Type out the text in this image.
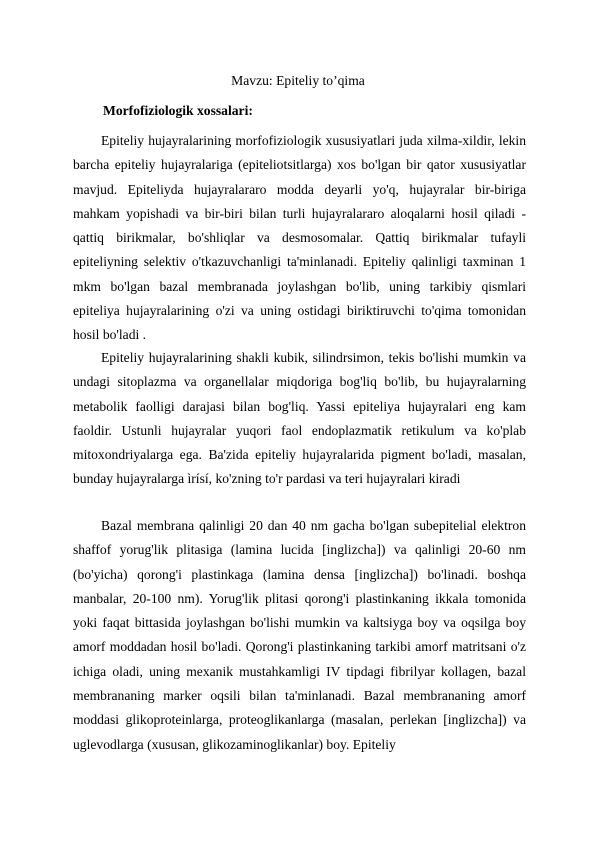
Mavzu: Epiteliy to’qima
Morfofiziologik xossalari:

Epiteliy hujayralarining morfofiziologik xususiyatlari juda xilma-xildir, lekin barcha epiteliy hujayralariga (epiteliotsitlarga) xos bo'lgan bir qator xususiyatlar mavjud. Epiteliyda hujayralararo modda deyarli yo'q, hujayralar bir-biriga mahkam yopishadi va bir-biri bilan turli hujayralararo aloqalarni hosil qiladi - qattiq birikmalar, bo'shliqlar va desmosomalar. Qattiq birikmalar tufayli epiteliyning selektiv o'tkazuvchanligi ta'minlanadi. Epiteliy qalinligi taxminan 1 mkm bo'lgan bazal membranada joylashgan bo'lib, uning tarkibiy qismlari epiteliya hujayralarining o'zi va uning ostidagi biriktiruvchi to'qima tomonidan hosil bo'ladi .

Epiteliy hujayralarining shakli kubik, silindrsimon, tekis bo'lishi mumkin va undagi sitoplazma va organellalar miqdoriga bog'liq bo'lib, bu hujayralarning metabolik faolligi darajasi bilan bog'liq. Yassi epiteliya hujayralari eng kam faoldir. Ustunli hujayralar yuqori faol endoplazmatik retikulum va ko'plab mitoxondriyalarga ega. Ba'zida epiteliy hujayralarida pigment bo'ladi, masalan, bunday hujayralarga ìrísí, ko'zning to'r pardasi va teri hujayralari kiradi

Bazal membrana qalinligi 20 dan 40 nm gacha bo'lgan subepitelial elektron shaffof yorug'lik plitasiga (lamina lucida [inglizcha]) va qalinligi 20-60 nm (bo'yicha) qorong'i plastinkaga (lamina densa [inglizcha]) bo'linadi. boshqa manbalar, 20-100 nm). Yorug'lik plitasi qorong'i plastinkaning ikkala tomonida yoki faqat bittasida joylashgan bo'lishi mumkin va kaltsiyga boy va oqsilga boy amorf moddadan hosil bo'ladi. Qorong'i plastinkaning tarkibi amorf matritsani o'z ichiga oladi, uning mexanik mustahkamligi IV tipdagi fibrilyar kollagen, bazal membrananing marker oqsili bilan ta'minlanadi. Bazal membrananing amorf moddasi glikoproteinlarga, proteoglikanlarga (masalan, perlekan [inglizcha]) va uglevodlarga (xususan, glikozaminoglikanlar) boy. Epiteliy
